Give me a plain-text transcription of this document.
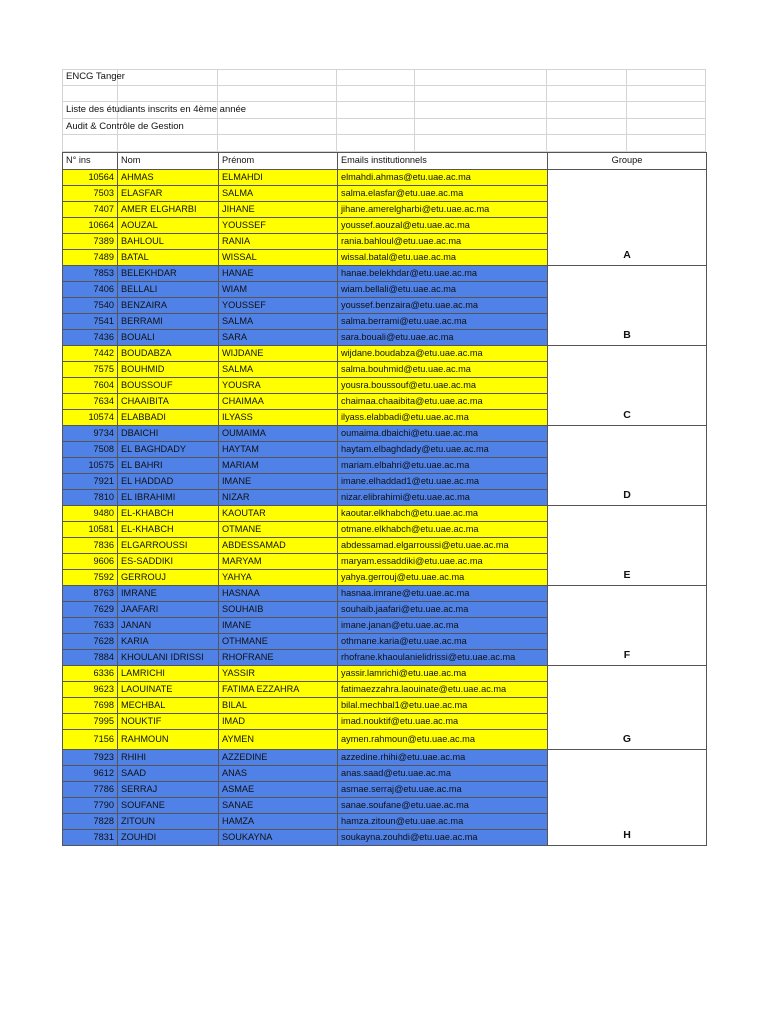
ENCG Tanger
Liste des étudiants inscrits en 4ème année
Audit & Contrôle de Gestion
N° ins	Nom	Prénom	Emails institutionnels	Groupe
10564	AHMAS	ELMAHDI	elmahdi.ahmas@etu.uae.ac.ma	A
7503	ELASFAR	SALMA	salma.elasfar@etu.uae.ac.ma	
7407	AMER ELGHARBI	JIHANE	jihane.amerelgharbi@etu.uae.ac.ma	
10664	AOUZAL	YOUSSEF	youssef.aouzal@etu.uae.ac.ma	
7389	BAHLOUL	RANIA	rania.bahloul@etu.uae.ac.ma	
7489	BATAL	WISSAL	wissal.batal@etu.uae.ac.ma	
7853	BELEKHDAR	HANAE	hanae.belekhdar@etu.uae.ac.ma	B
7406	BELLALI	WIAM	wiam.bellali@etu.uae.ac.ma	
7540	BENZAIRA	YOUSSEF	youssef.benzaira@etu.uae.ac.ma	
7541	BERRAMI	SALMA	salma.berrami@etu.uae.ac.ma	
7436	BOUALI	SARA	sara.bouali@etu.uae.ac.ma	
7442	BOUDABZA	WIJDANE	wijdane.boudabza@etu.uae.ac.ma	C
7575	BOUHMID	SALMA	salma.bouhmid@etu.uae.ac.ma	
7604	BOUSSOUF	YOUSRA	yousra.boussouf@etu.uae.ac.ma	
7634	CHAAIBITA	CHAIMAA	chaimaa.chaaibita@etu.uae.ac.ma	
10574	ELABBADI	ILYASS	ilyass.elabbadi@etu.uae.ac.ma	
9734	DBAICHI	OUMAIMA	oumaima.dbaichi@etu.uae.ac.ma	D
7508	EL BAGHDADY	HAYTAM	haytam.elbaghdady@etu.uae.ac.ma	
10575	EL BAHRI	MARIAM	mariam.elbahri@etu.uae.ac.ma	
7921	EL HADDAD	IMANE	imane.elhaddad1@etu.uae.ac.ma	
7810	EL IBRAHIMI	NIZAR	nizar.elibrahimi@etu.uae.ac.ma	
9480	EL-KHABCH	KAOUTAR	kaoutar.elkhabch@etu.uae.ac.ma	E
10581	EL-KHABCH	OTMANE	otmane.elkhabch@etu.uae.ac.ma	
7836	ELGARROUSSI	ABDESSAMAD	abdessamad.elgarroussi@etu.uae.ac.ma	
9606	ES-SADDIKI	MARYAM	maryam.essaddiki@etu.uae.ac.ma	
7592	GERROUJ	YAHYA	yahya.gerrouj@etu.uae.ac.ma	
8763	IMRANE	HASNAA	hasnaa.imrane@etu.uae.ac.ma	F
7629	JAAFARI	SOUHAIB	souhaib.jaafari@etu.uae.ac.ma	
7633	JANAN	IMANE	imane.janan@etu.uae.ac.ma	
7628	KARIA	OTHMANE	othmane.karia@etu.uae.ac.ma	
7884	KHOULANI IDRISSI	RHOFRANE	rhofrane.khaoulanielidrissi@etu.uae.ac.ma	
6336	LAMRICHI	YASSIR	yassir.lamrichi@etu.uae.ac.ma	G
9623	LAOUINATE	FATIMA EZZAHRA	fatimaezzahra.laouinate@etu.uae.ac.ma	
7698	MECHBAL	BILAL	bilal.mechbal1@etu.uae.ac.ma	
7995	NOUKTIF	IMAD	imad.nouktif@etu.uae.ac.ma	
7156	RAHMOUN	AYMEN	aymen.rahmoun@etu.uae.ac.ma	
7923	RHIHI	AZZEDINE	azzedine.rhihi@etu.uae.ac.ma	H
9612	SAAD	ANAS	anas.saad@etu.uae.ac.ma	
7786	SERRAJ	ASMAE	asmae.serraj@etu.uae.ac.ma	
7790	SOUFANE	SANAE	sanae.soufane@etu.uae.ac.ma	
7828	ZITOUN	HAMZA	hamza.zitoun@etu.uae.ac.ma	
7831	ZOUHDI	SOUKAYNA	soukayna.zouhdi@etu.uae.ac.ma	
